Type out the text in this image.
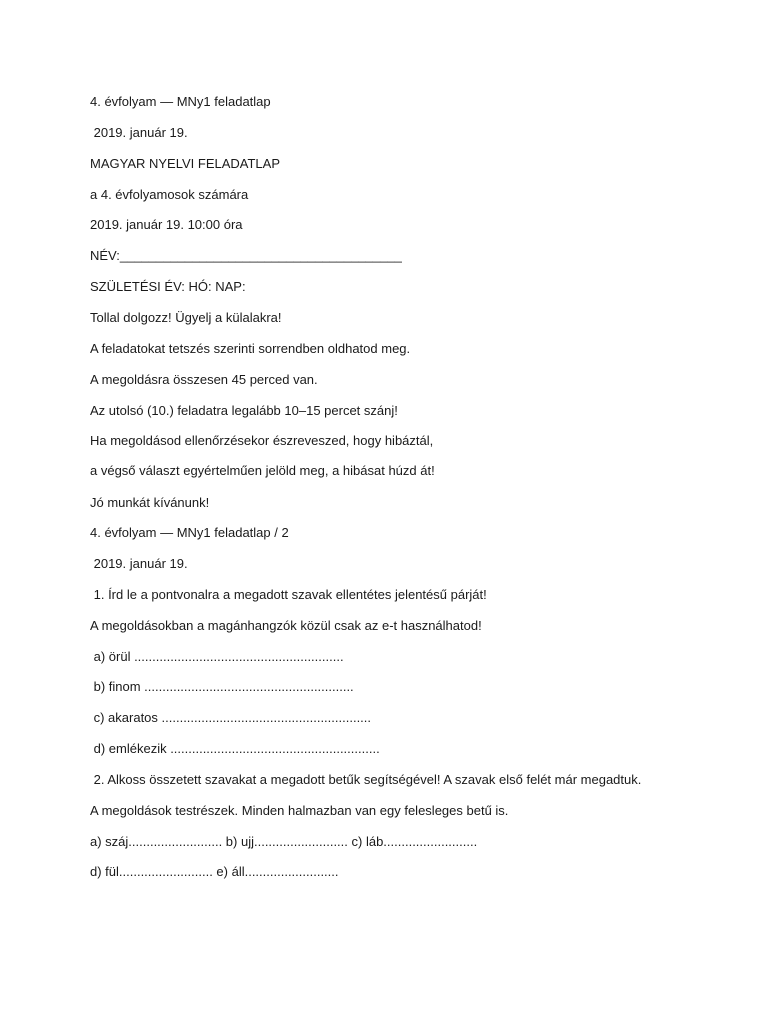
4. évfolyam — MNy1 feladatlap

2019. január 19.

MAGYAR NYELVI FELADATLAP

a 4. évfolyamosok számára

2019. január 19. 10:00 óra

NÉV:_______________________________________

SZÜLETÉSI ÉV: HÓ: NAP:

Tollal dolgozz! Ügyelj a külalakra!

A feladatokat tetszés szerinti sorrendben oldhatod meg.

A megoldásra összesen 45 perced van.

Az utolsó (10.) feladatra legalább 10–15 percet szánj!

Ha megoldásod ellenőrzésekor észreveszed, hogy hibáztál,

a végső választ egyértelműen jelöld meg, a hibásat húzd át!

Jó munkát kívánunk!

4. évfolyam — MNy1 feladatlap / 2

2019. január 19.

1. Írd le a pontvonalra a megadott szavak ellentétes jelentésű párját!

A megoldásokban a magánhangzók közül csak az e-t használhatod!

a) örül ..........................................................

b) finom ..........................................................

c) akaratos ..........................................................

d) emlékezik ..........................................................

2. Alkoss összetett szavakat a megadott betűk segítségével! A szavak első felét már megadtuk.

A megoldások testrészek. Minden halmazban van egy felesleges betű is.

a) száj.......................... b) ujj.......................... c) láb..........................

d) fül.......................... e) áll..........................
